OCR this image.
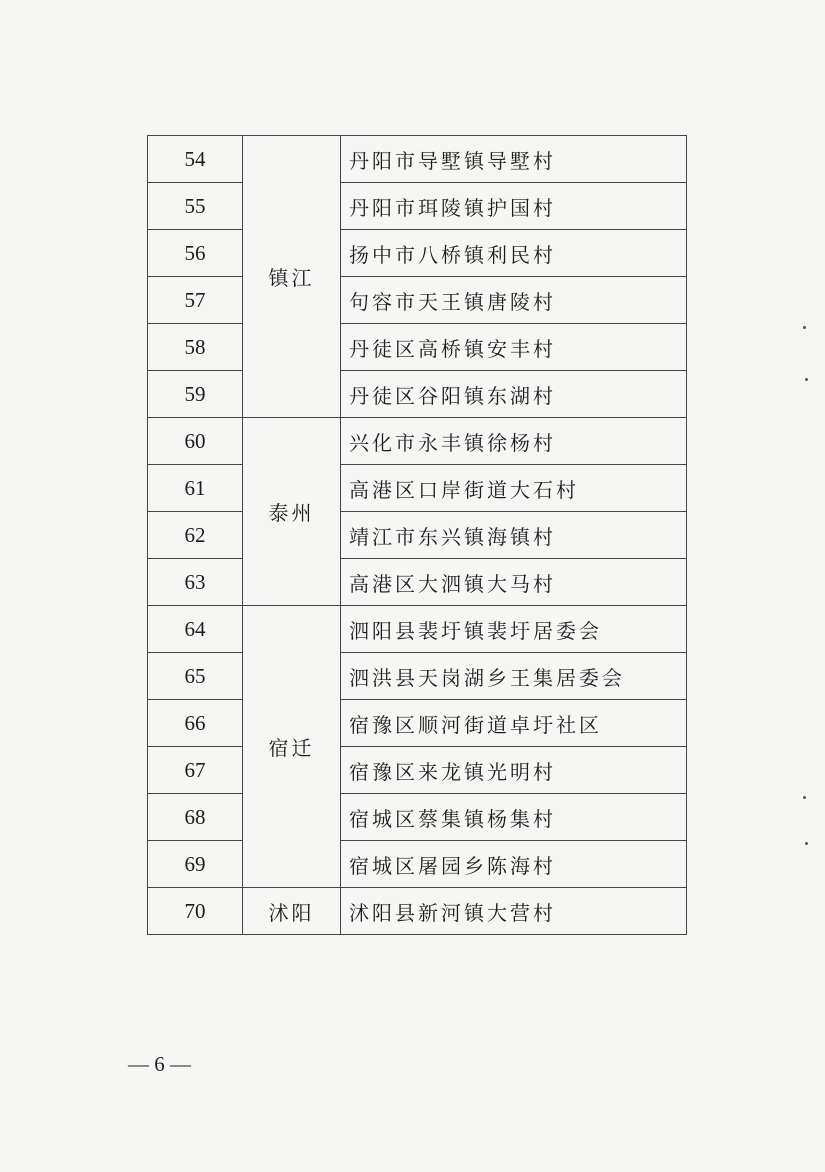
54	镇江	丹阳市导墅镇导墅村
55		丹阳市珥陵镇护国村
56		扬中市八桥镇利民村
57		句容市天王镇唐陵村
58		丹徒区高桥镇安丰村
59		丹徒区谷阳镇东湖村
60	泰州	兴化市永丰镇徐杨村
61		高港区口岸街道大石村
62		靖江市东兴镇海镇村
63		高港区大泗镇大马村
64	宿迁	泗阳县裴圩镇裴圩居委会
65		泗洪县天岗湖乡王集居委会
66		宿豫区顺河街道卓圩社区
67		宿豫区来龙镇光明村
68		宿城区蔡集镇杨集村
69		宿城区屠园乡陈海村
70	沭阳	沭阳县新河镇大营村
— 6 —
